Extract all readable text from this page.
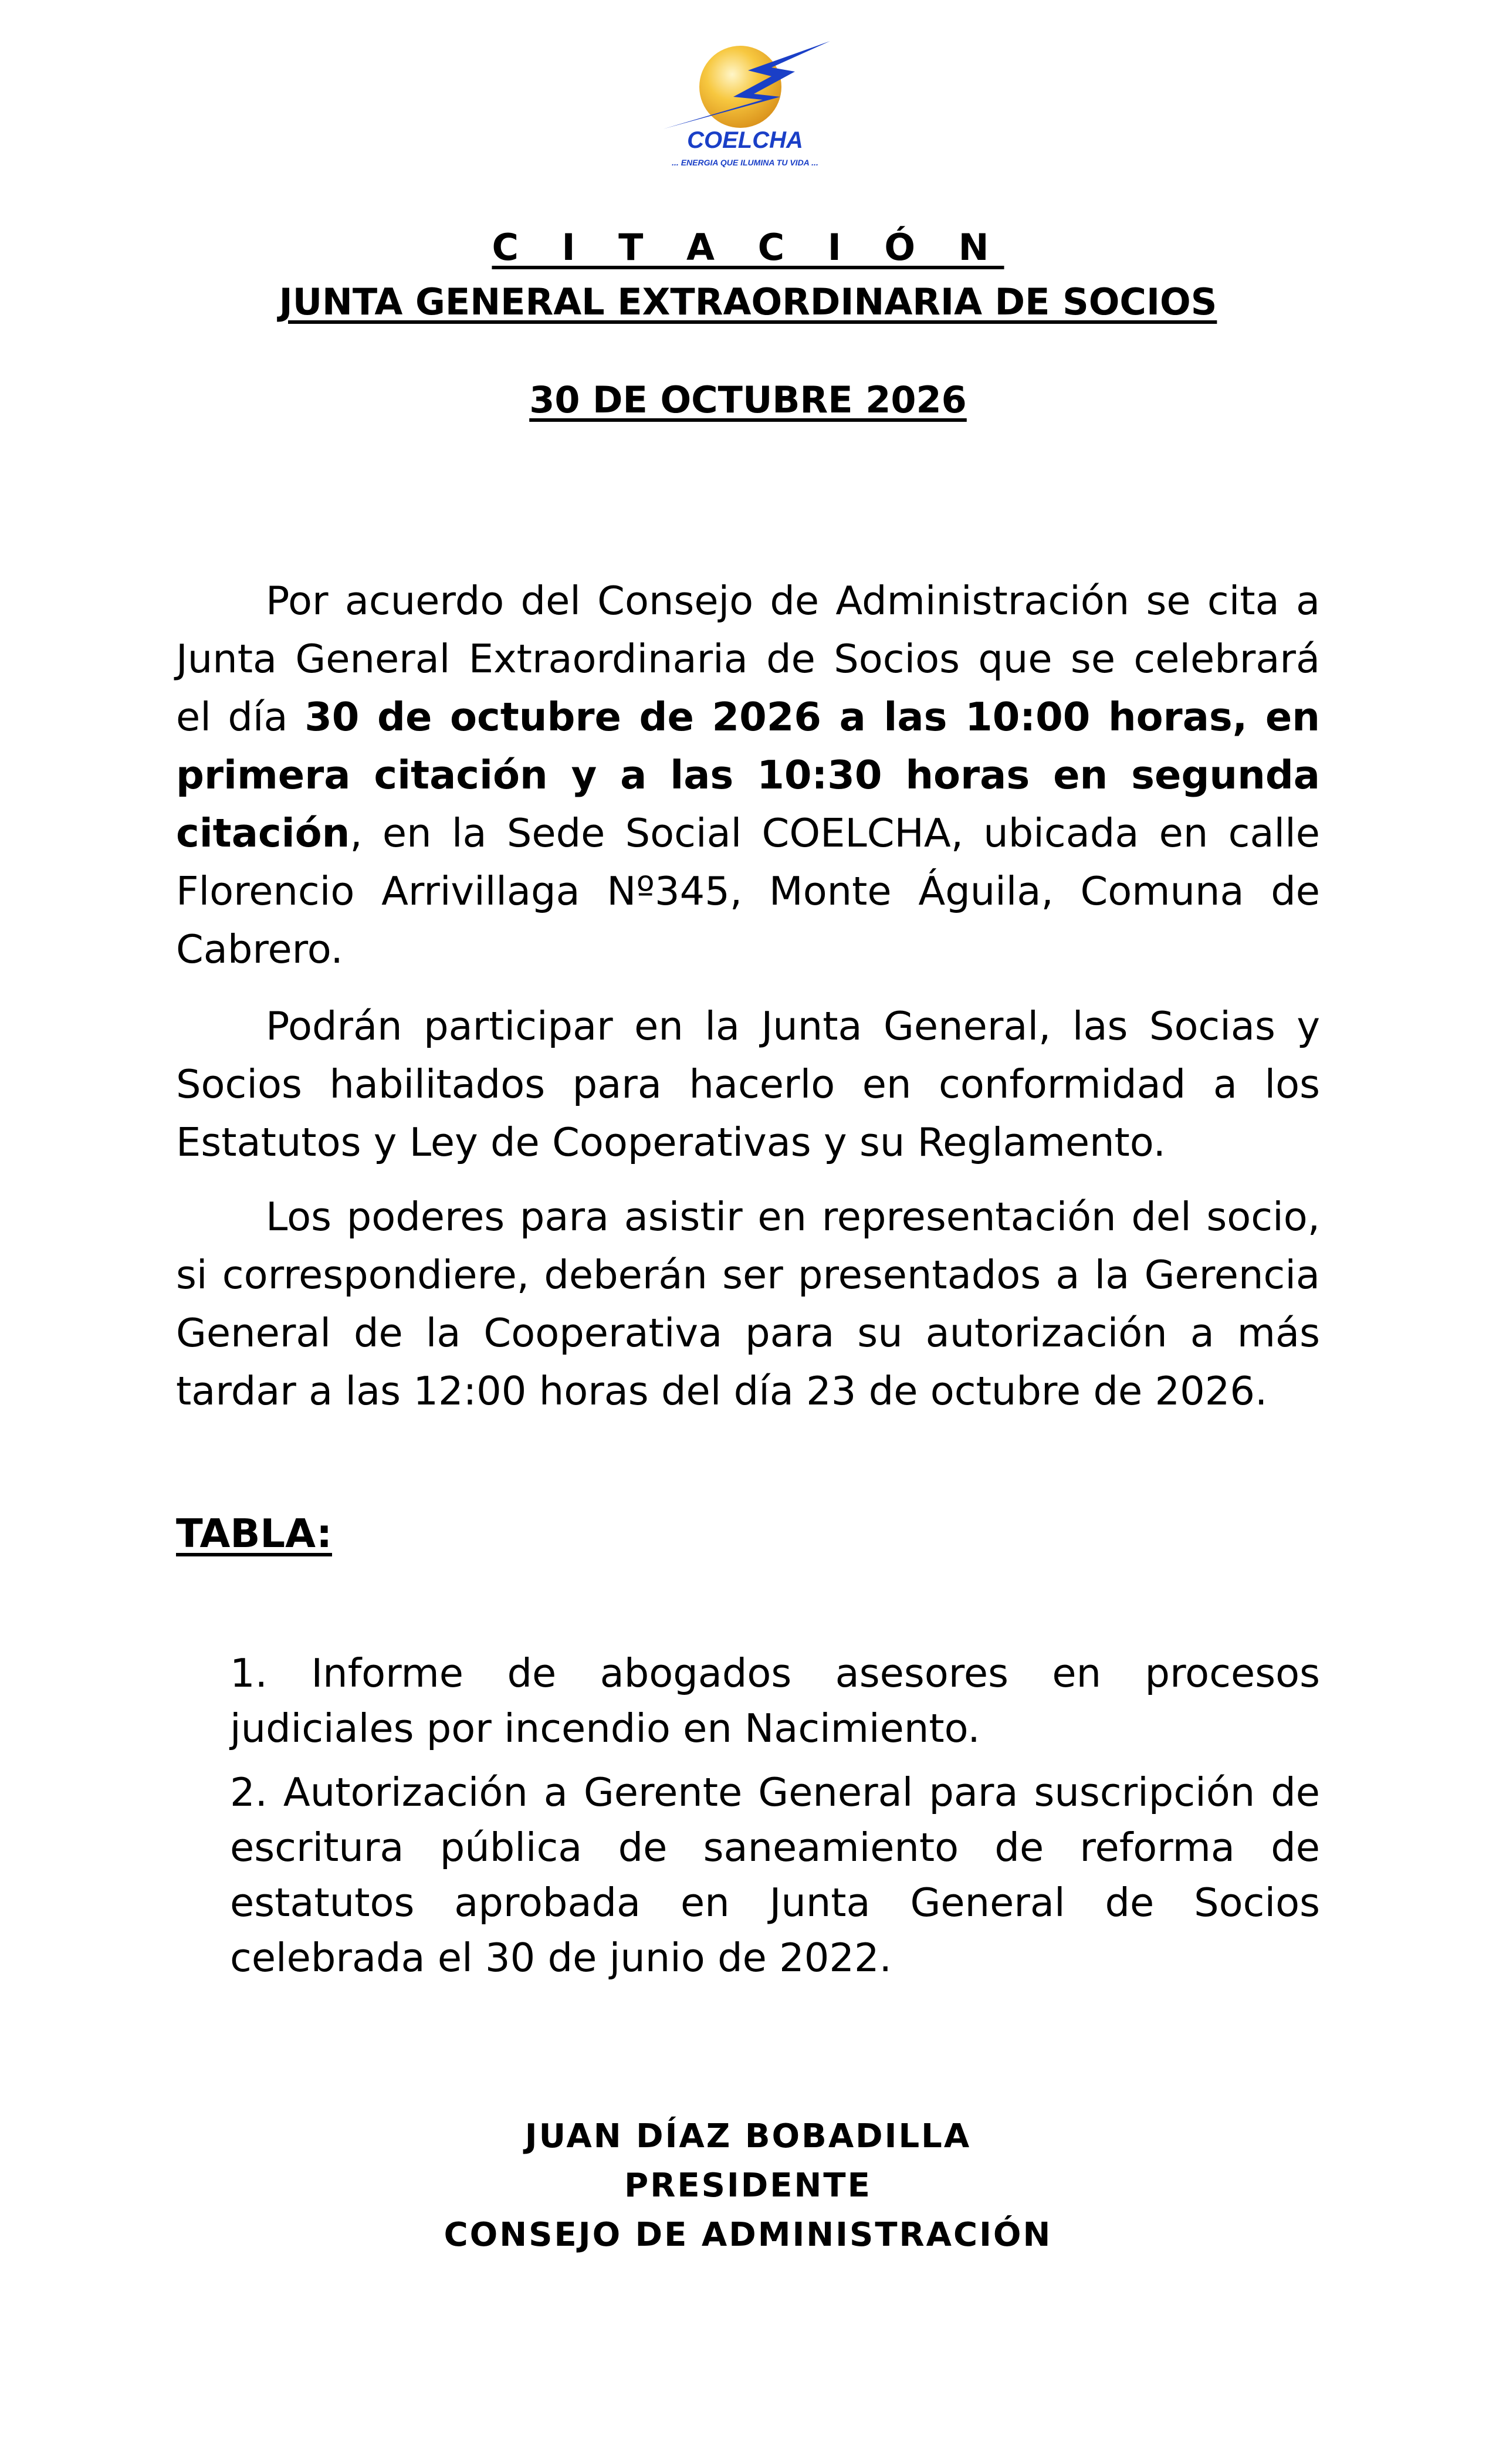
COELCHA
... ENERGIA QUE ILUMINA TU VIDA ...
C I T A C I Ó N
JUNTA GENERAL EXTRAORDINARIA DE SOCIOS
30 DE OCTUBRE 2026
Por acuerdo del Consejo de Administración se cita a Junta General Extraordinaria de Socios que se celebrará el día 30 de octubre de 2026 a las 10:00 horas, en primera citación y a las 10:30 horas en segunda citación, en la Sede Social COELCHA, ubicada en calle Florencio Arrivillaga Nº345, Monte Águila, Comuna de Cabrero.
Podrán participar en la Junta General, las Socias y Socios habilitados para hacerlo en conformidad a los Estatutos y Ley de Cooperativas y su Reglamento.
Los poderes para asistir en representación del socio, si correspondiere, deberán ser presentados a la Gerencia General de la Cooperativa para su autorización a más tardar a las 12:00 horas del día 23 de octubre de 2026.
TABLA:
1. Informe de abogados asesores en procesos judiciales por incendio en Nacimiento.
2. Autorización a Gerente General para suscripción de escritura pública de saneamiento de reforma de estatutos aprobada en Junta General de Socios celebrada el 30 de junio de 2022.
JUAN DÍAZ BOBADILLA
PRESIDENTE
CONSEJO DE ADMINISTRACIÓN
